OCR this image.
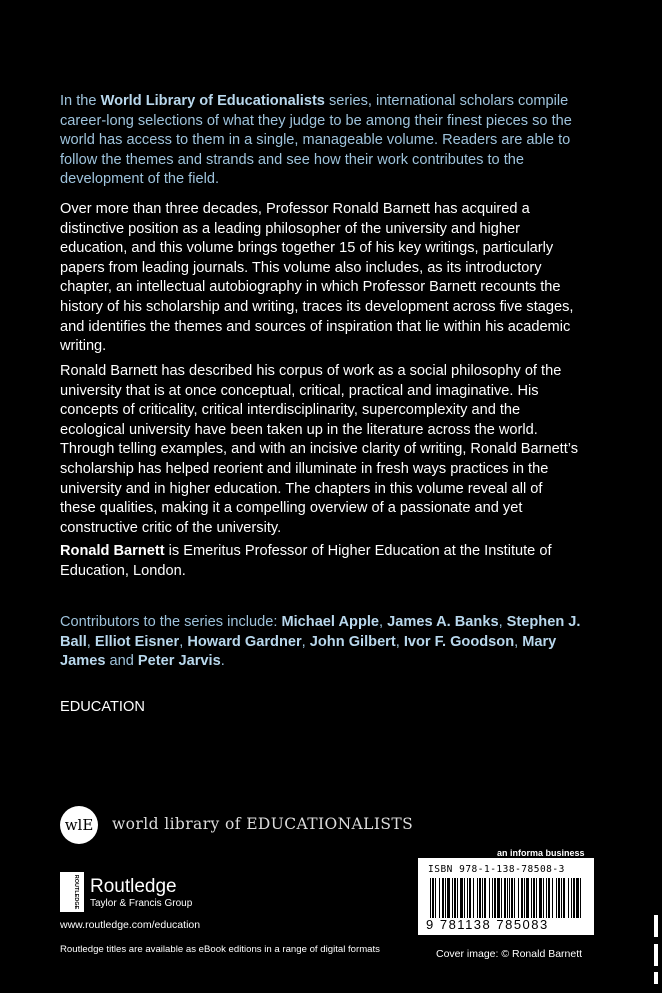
In the World Library of Educationalists series, international scholars compile career-long selections of what they judge to be among their finest pieces so the world has access to them in a single, manageable volume. Readers are able to follow the themes and strands and see how their work contributes to the development of the field.

Over more than three decades, Professor Ronald Barnett has acquired a distinctive position as a leading philosopher of the university and higher education, and this volume brings together 15 of his key writings, particularly papers from leading journals. This volume also includes, as its introductory chapter, an intellectual autobiography in which Professor Barnett recounts the history of his scholarship and writing, traces its development across five stages, and identifies the themes and sources of inspiration that lie within his academic writing.

Ronald Barnett has described his corpus of work as a social philosophy of the university that is at once conceptual, critical, practical and imaginative. His concepts of criticality, critical interdisciplinarity, supercomplexity and the ecological university have been taken up in the literature across the world. Through telling examples, and with an incisive clarity of writing, Ronald Barnett’s scholarship has helped reorient and illuminate in fresh ways practices in the university and in higher education. The chapters in this volume reveal all of these qualities, making it a compelling overview of a passionate and yet constructive critic of the university.

Ronald Barnett is Emeritus Professor of Higher Education at the Institute of Education, London.

Contributors to the series include: Michael Apple, James A. Banks, Stephen J. Ball, Elliot Eisner, Howard Gardner, John Gilbert, Ivor F. Goodson, Mary James and Peter Jarvis.

EDUCATION

wlE	world library of EDUCATIONALISTS
ROUTLEDGE Routledge
Taylor & Francis Group
www.routledge.com/education
Routledge titles are available as eBook editions in a range of digital formats
an informa business
ISBN 978-1-138-78508-3
9 781138 785083
Cover image: © Ronald Barnett
